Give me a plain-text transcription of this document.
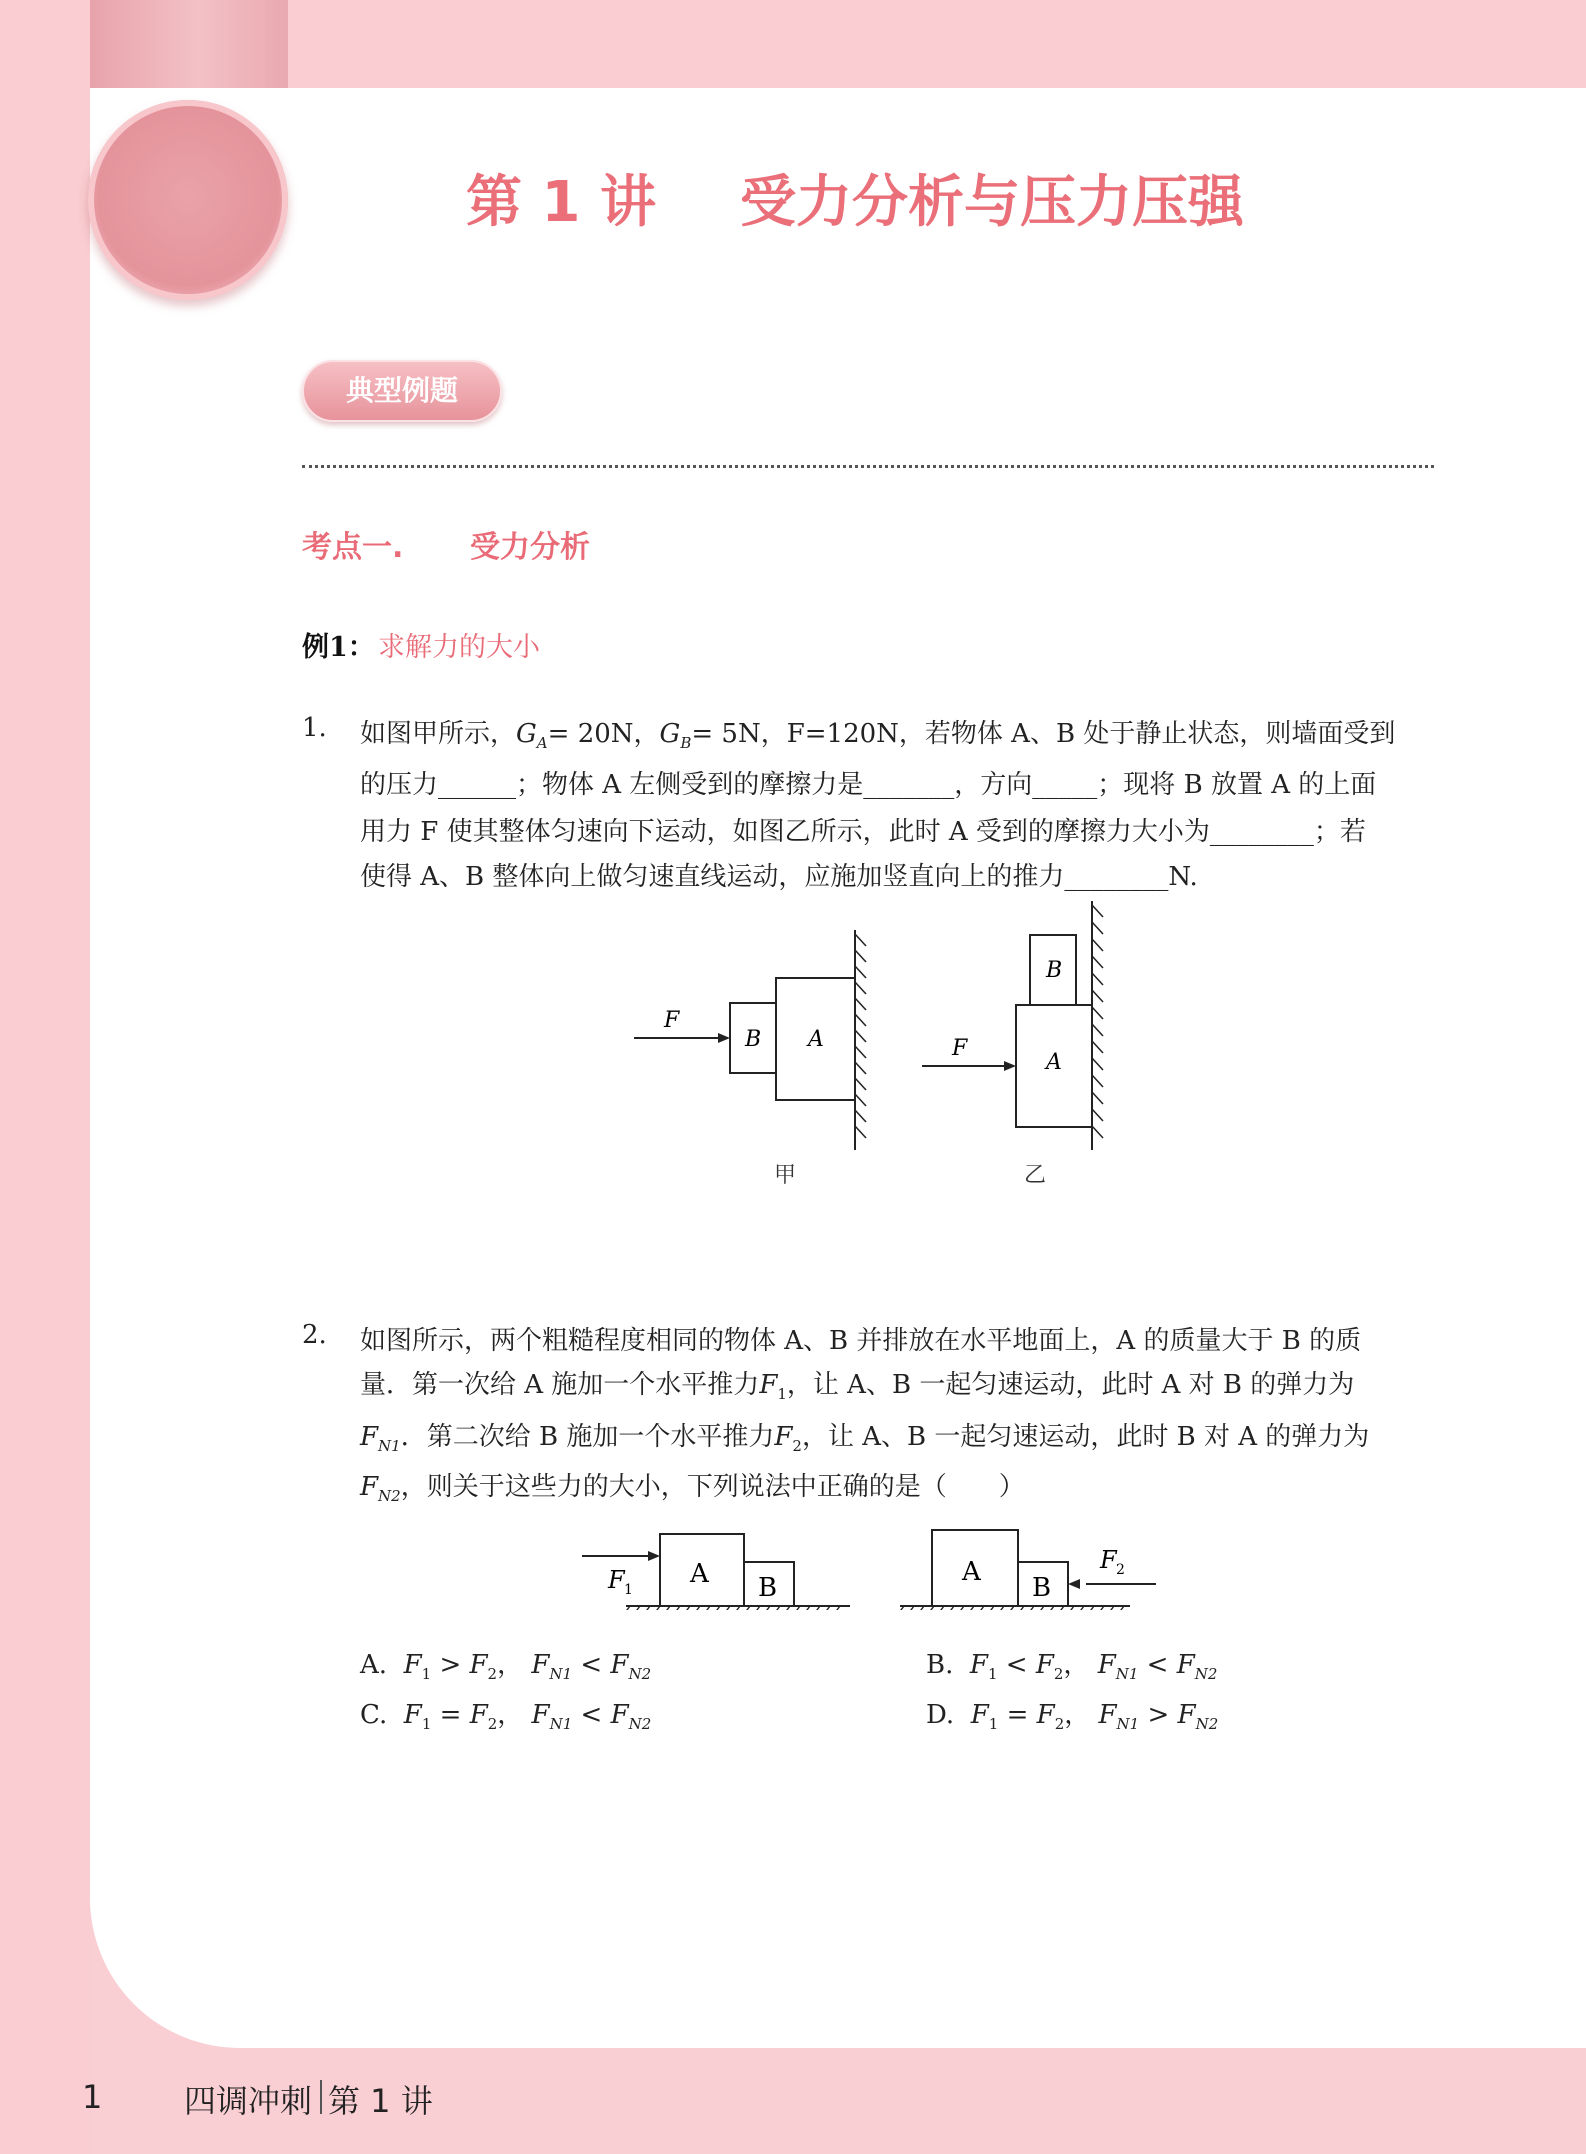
第 1 讲 受力分析与压力压强
典型例题
考点一. 受力分析
例1： 求解力的大小
1. 如图甲所示，$G_A= 20N$，$G_B= 5N$，F=120N，若物体 A、B 处于静止状态，则墙面受到
的压力______；物体 A 左侧受到的摩擦力是_______，方向_____；现将 B 放置 A 的上面
用力 F 使其整体匀速向下运动，如图乙所示，此时 A 受到的摩擦力大小为________；若
使得 A、B 整体向上做匀速直线运动，应施加竖直向上的推力________N.
F
B A
甲
F
B
A
乙
2. 如图所示，两个粗糙程度相同的物体 A、B 并排放在水平地面上，A 的质量大于 B 的质
量．第一次给 A 施加一个水平推力$F_1$，让 A、B 一起匀速运动，此时 A 对 B 的弹力为
$F_{N1}$．第二次给 B 施加一个水平推力$F_2$，让 A、B 一起匀速运动，此时 B 对 A 的弹力为
$F_{N2}$，则关于这些力的大小，下列说法中正确的是（　　）
F 1
A B
F 2
A
B
A. $F_1 > F_2$， $F_{N1} < F_{N2}$	B. $F_1 < F_2$， $F_{N1} < F_{N2}$
C. $F_1 = F_2$， $F_{N1} < F_{N2}$	D. $F_1 = F_2$， $F_{N1} > F_{N2}$
1	四调冲刺 第 1 讲
